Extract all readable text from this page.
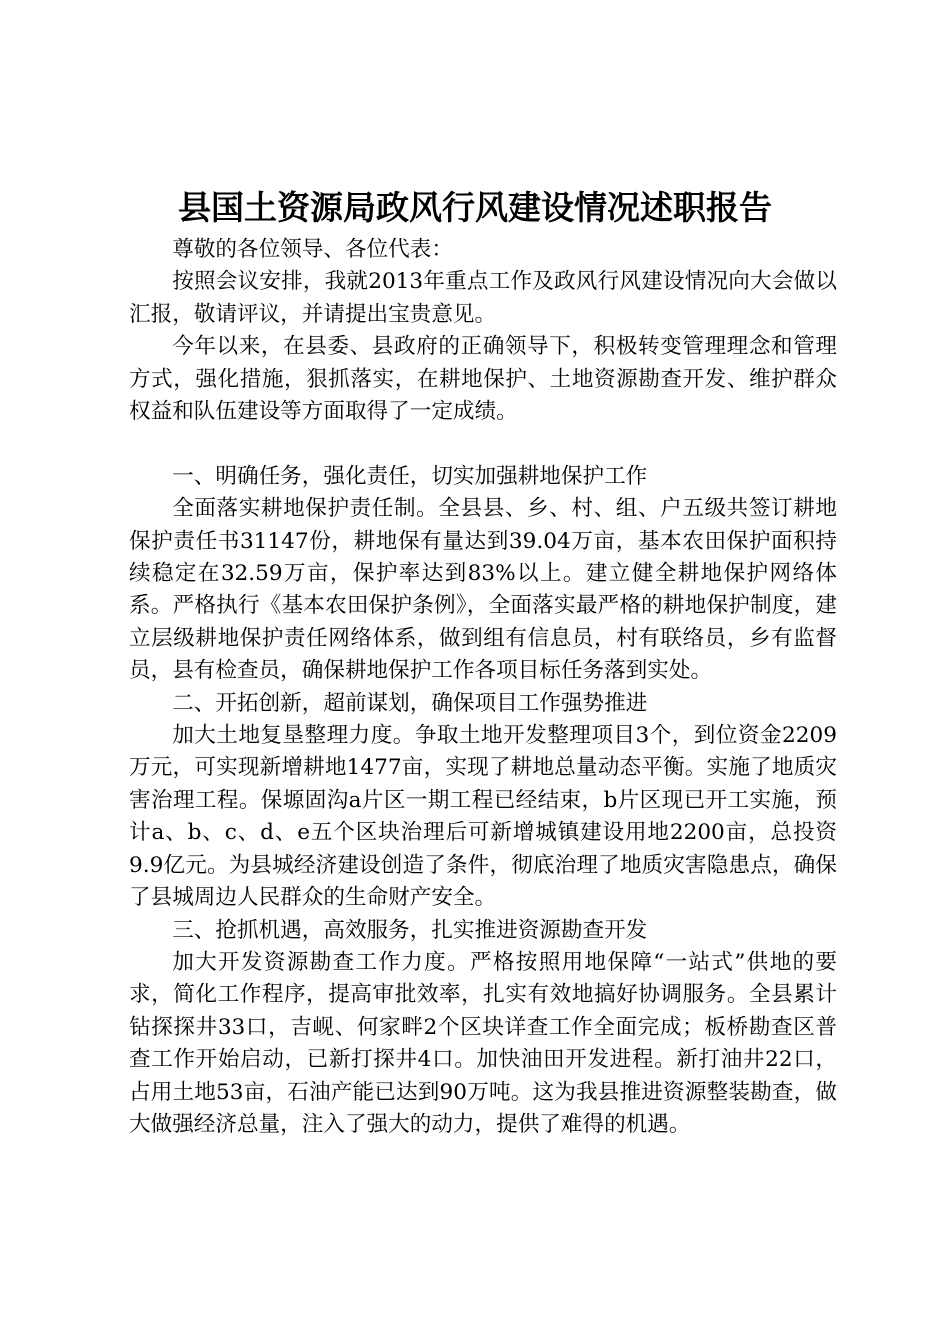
县国土资源局政风行风建设情况述职报告

尊敬的各位领导、各位代表：

按照会议安排，我就2013年重点工作及政风行风建设情况向大会做以汇报，敬请评议，并请提出宝贵意见。

今年以来，在县委、县政府的正确领导下，积极转变管理理念和管理方式，强化措施，狠抓落实，在耕地保护、土地资源勘查开发、维护群众权益和队伍建设等方面取得了一定成绩。

一、明确任务，强化责任，切实加强耕地保护工作

全面落实耕地保护责任制。全县县、乡、村、组、户五级共签订耕地保护责任书31147份，耕地保有量达到39.04万亩，基本农田保护面积持续稳定在32.59万亩，保护率达到83%以上。建立健全耕地保护网络体系。严格执行《基本农田保护条例》，全面落实最严格的耕地保护制度，建立层级耕地保护责任网络体系，做到组有信息员，村有联络员，乡有监督员，县有检查员，确保耕地保护工作各项目标任务落到实处。

二、开拓创新，超前谋划，确保项目工作强势推进

加大土地复垦整理力度。争取土地开发整理项目3个，到位资金2209万元，可实现新增耕地1477亩，实现了耕地总量动态平衡。实施了地质灾害治理工程。保塬固沟a片区一期工程已经结束，b片区现已开工实施，预计a、b、c、d、e五个区块治理后可新增城镇建设用地2200亩，总投资9.9亿元。为县城经济建设创造了条件，彻底治理了地质灾害隐患点，确保了县城周边人民群众的生命财产安全。

三、抢抓机遇，高效服务，扎实推进资源勘查开发

加大开发资源勘查工作力度。严格按照用地保障“一站式”供地的要求，简化工作程序，提高审批效率，扎实有效地搞好协调服务。全县累计钻探探井33口，吉岘、何家畔2个区块详查工作全面完成；板桥勘查区普查工作开始启动，已新打探井4口。加快油田开发进程。新打油井22口，占用土地53亩，石油产能已达到90万吨。这为我县推进资源整装勘查，做大做强经济总量，注入了强大的动力，提供了难得的机遇。
